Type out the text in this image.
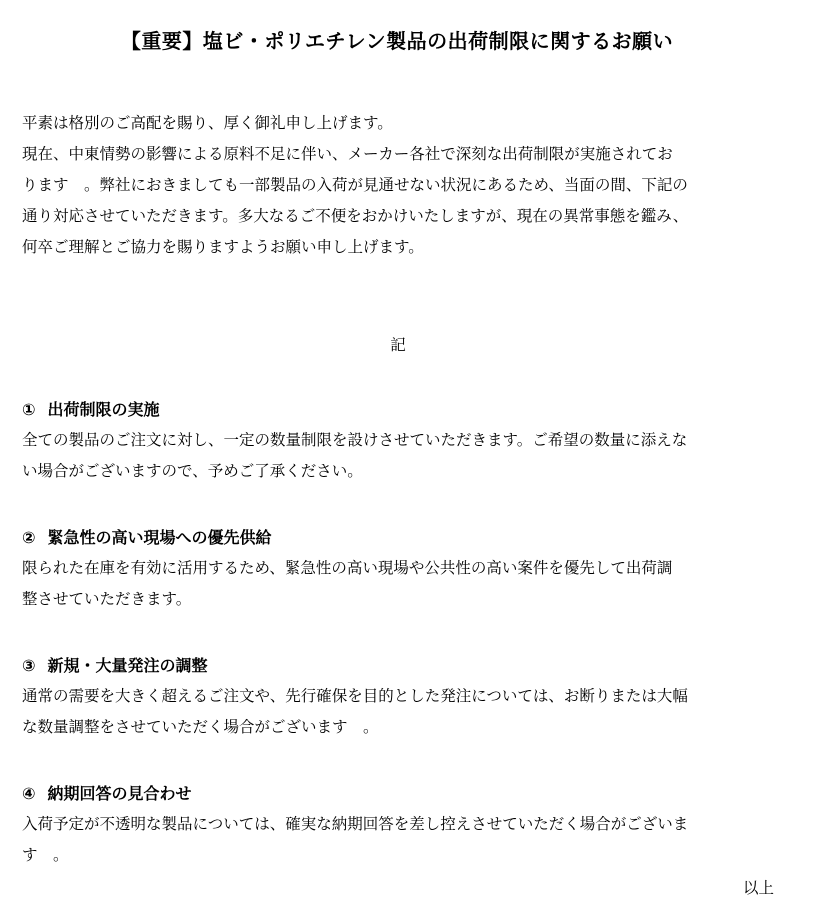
【重要】塩ビ・ポリエチレン製品の出荷制限に関するお願い

平素は格別のご高配を賜り、厚く御礼申し上げます。
現在、中東情勢の影響による原料不足に伴い、メーカー各社で深刻な出荷制限が実施されてお
ります　。弊社におきましても一部製品の入荷が見通せない状況にあるため、当面の間、下記の
通り対応させていただきます。多大なるご不便をおかけいたしますが、現在の異常事態を鑑み、
何卒ご理解とご協力を賜りますようお願い申し上げます。

記

① 出荷制限の実施

全ての製品のご注文に対し、一定の数量制限を設けさせていただきます。ご希望の数量に添えな
い場合がございますので、予めご了承ください。

② 緊急性の高い現場への優先供給

限られた在庫を有効に活用するため、緊急性の高い現場や公共性の高い案件を優先して出荷調
整させていただきます。

③ 新規・大量発注の調整

通常の需要を大きく超えるご注文や、先行確保を目的とした発注については、お断りまたは大幅
な数量調整をさせていただく場合がございます　。

④ 納期回答の見合わせ

入荷予定が不透明な製品については、確実な納期回答を差し控えさせていただく場合がございま
す　。

以上
